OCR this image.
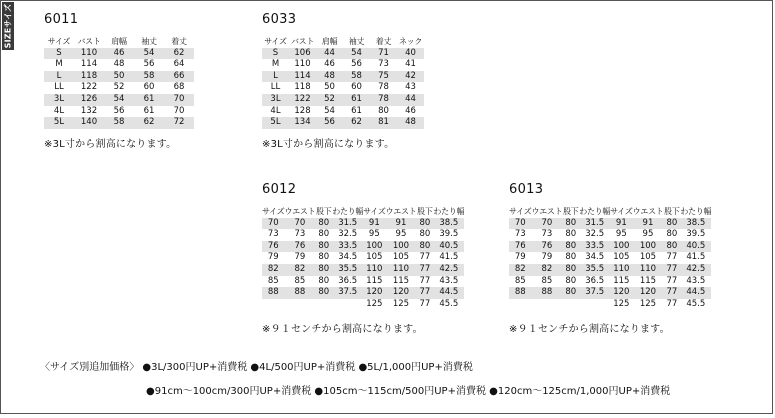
SIZEサイズ 6011
サイズ	バスト	肩幅	袖丈	着丈
S	110	46	54	62
M	114	48	56	64
L	118	50	58	66
LL	122	52	60	68
3L	126	54	61	70
4L	132	56	61	70
5L	140	58	62	72
※3L寸から割高になります。
6033
サイズ	バスト	肩幅	袖丈	着丈	ネック
S	106	44	54	71	40
M	110	46	56	73	41
L	114	48	58	75	42
LL	118	50	60	78	43
3L	122	52	61	78	44
4L	128	54	61	80	46
5L	134	56	62	81	48
※3L寸から割高になります。
6012
サイズ	ウエスト	股下	わたり幅	サイズ	ウエスト	股下	わたり幅
70	70	80	31.5	91	91	80	38.5
73	73	80	32.5	95	95	80	39.5
76	76	80	33.5	100	100	80	40.5
79	79	80	34.5	105	105	77	41.5
82	82	80	35.5	110	110	77	42.5
85	85	80	36.5	115	115	77	43.5
88	88	80	37.5	120	120	77	44.5
				125	125	77	45.5
※９１センチから割高になります。
6013
サイズ	ウエスト	股下	わたり幅	サイズ	ウエスト	股下	わたり幅
70	70	80	31.5	91	91	80	38.5
73	73	80	32.5	95	95	80	39.5
76	76	80	33.5	100	100	80	40.5
79	79	80	34.5	105	105	77	41.5
82	82	80	35.5	110	110	77	42.5
85	85	80	36.5	115	115	77	43.5
88	88	80	37.5	120	120	77	44.5
				125	125	77	45.5
※９１センチから割高になります。
〈サイズ別追加価格〉 ●3L/300円UP+消費税 ●4L/500円UP+消費税 ●5L/1,000円UP+消費税
●91cm～100cm/300円UP+消費税 ●105cm～115cm/500円UP+消費税 ●120cm～125cm/1,000円UP+消費税
